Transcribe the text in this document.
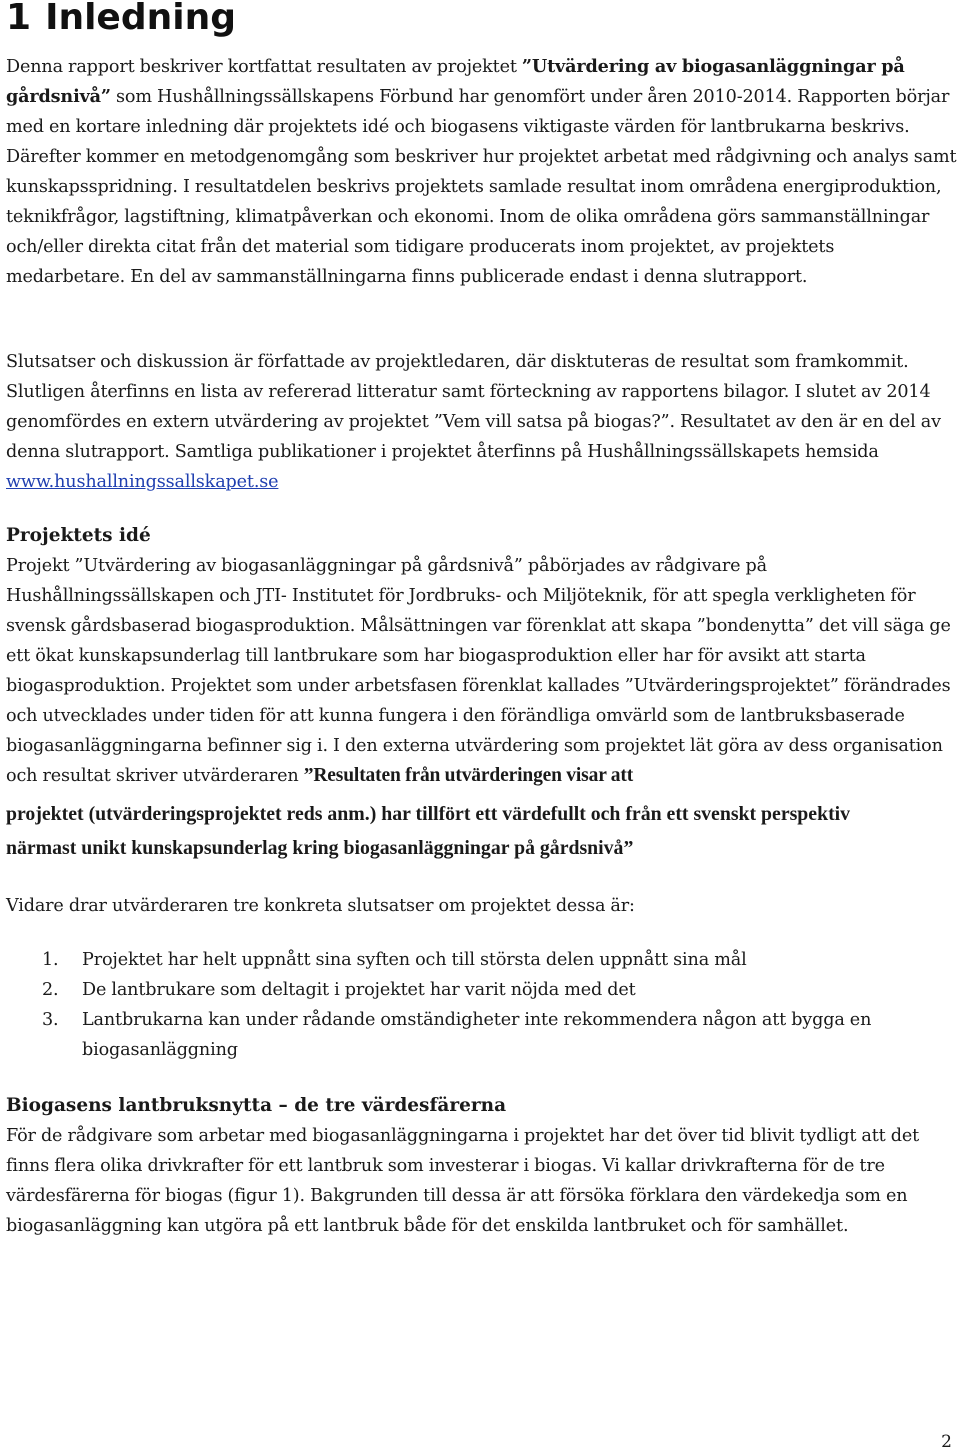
1 Inledning

Denna rapport beskriver kortfattat resultaten av projektet ”Utvärdering av biogasanläggningar på gårdsnivå” som Hushållningssällskapens Förbund har genomfört under åren 2010-2014. Rapporten börjar med en kortare inledning där projektets idé och biogasens viktigaste värden för lantbrukarna beskrivs. Därefter kommer en metodgenomgång som beskriver hur projektet arbetat med rådgivning och analys samt kunskapsspridning. I resultatdelen beskrivs projektets samlade resultat inom områdena energiproduktion, teknikfrågor, lagstiftning, klimatpåverkan och ekonomi. Inom de olika områdena görs sammanställningar och/eller direkta citat från det material som tidigare producerats inom projektet, av projektets medarbetare. En del av sammanställningarna finns publicerade endast i denna slutrapport.

Slutsatser och diskussion är författade av projektledaren, där disktuteras de resultat som framkommit. Slutligen återfinns en lista av refererad litteratur samt förteckning av rapportens bilagor. I slutet av 2014 genomfördes en extern utvärdering av projektet ”Vem vill satsa på biogas?”. Resultatet av den är en del av denna slutrapport. Samtliga publikationer i projektet återfinns på Hushållningssällskapets hemsida www.hushallningssallskapet.se

Projektets idé

Projekt ”Utvärdering av biogasanläggningar på gårdsnivå” påbörjades av rådgivare på Hushållningssällskapen och JTI- Institutet för Jordbruks- och Miljöteknik, för att spegla verkligheten för svensk gårdsbaserad biogasproduktion. Målsättningen var förenklat att skapa ”bondenytta” det vill säga ge ett ökat kunskapsunderlag till lantbrukare som har biogasproduktion eller har för avsikt att starta biogasproduktion. Projektet som under arbetsfasen förenklat kallades ”Utvärderingsprojektet” förändrades och utvecklades under tiden för att kunna fungera i den förändliga omvärld som de lantbruksbaserade biogasanläggningarna befinner sig i. I den externa utvärdering som projektet lät göra av dess organisation och resultat skriver utvärderaren ”Resultaten från utvärderingen visar att

projektet (utvärderingsprojektet reds anm.) har tillfört ett värdefullt och från ett svenskt perspektiv
närmast unikt kunskapsunderlag kring biogasanläggningar på gårdsnivå”

Vidare drar utvärderaren tre konkreta slutsatser om projektet dessa är:

1. Projektet har helt uppnått sina syften och till största delen uppnått sina mål
2. De lantbrukare som deltagit i projektet har varit nöjda med det
3. Lantbrukarna kan under rådande omständigheter inte rekommendera någon att bygga en biogasanläggning
Biogasens lantbruksnytta – de tre värdesfärerna

För de rådgivare som arbetar med biogasanläggningarna i projektet har det över tid blivit tydligt att det finns flera olika drivkrafter för ett lantbruk som investerar i biogas. Vi kallar drivkrafterna för de tre värdesfärerna för biogas (figur 1). Bakgrunden till dessa är att försöka förklara den värdekedja som en biogasanläggning kan utgöra på ett lantbruk både för det enskilda lantbruket och för samhället.

2
